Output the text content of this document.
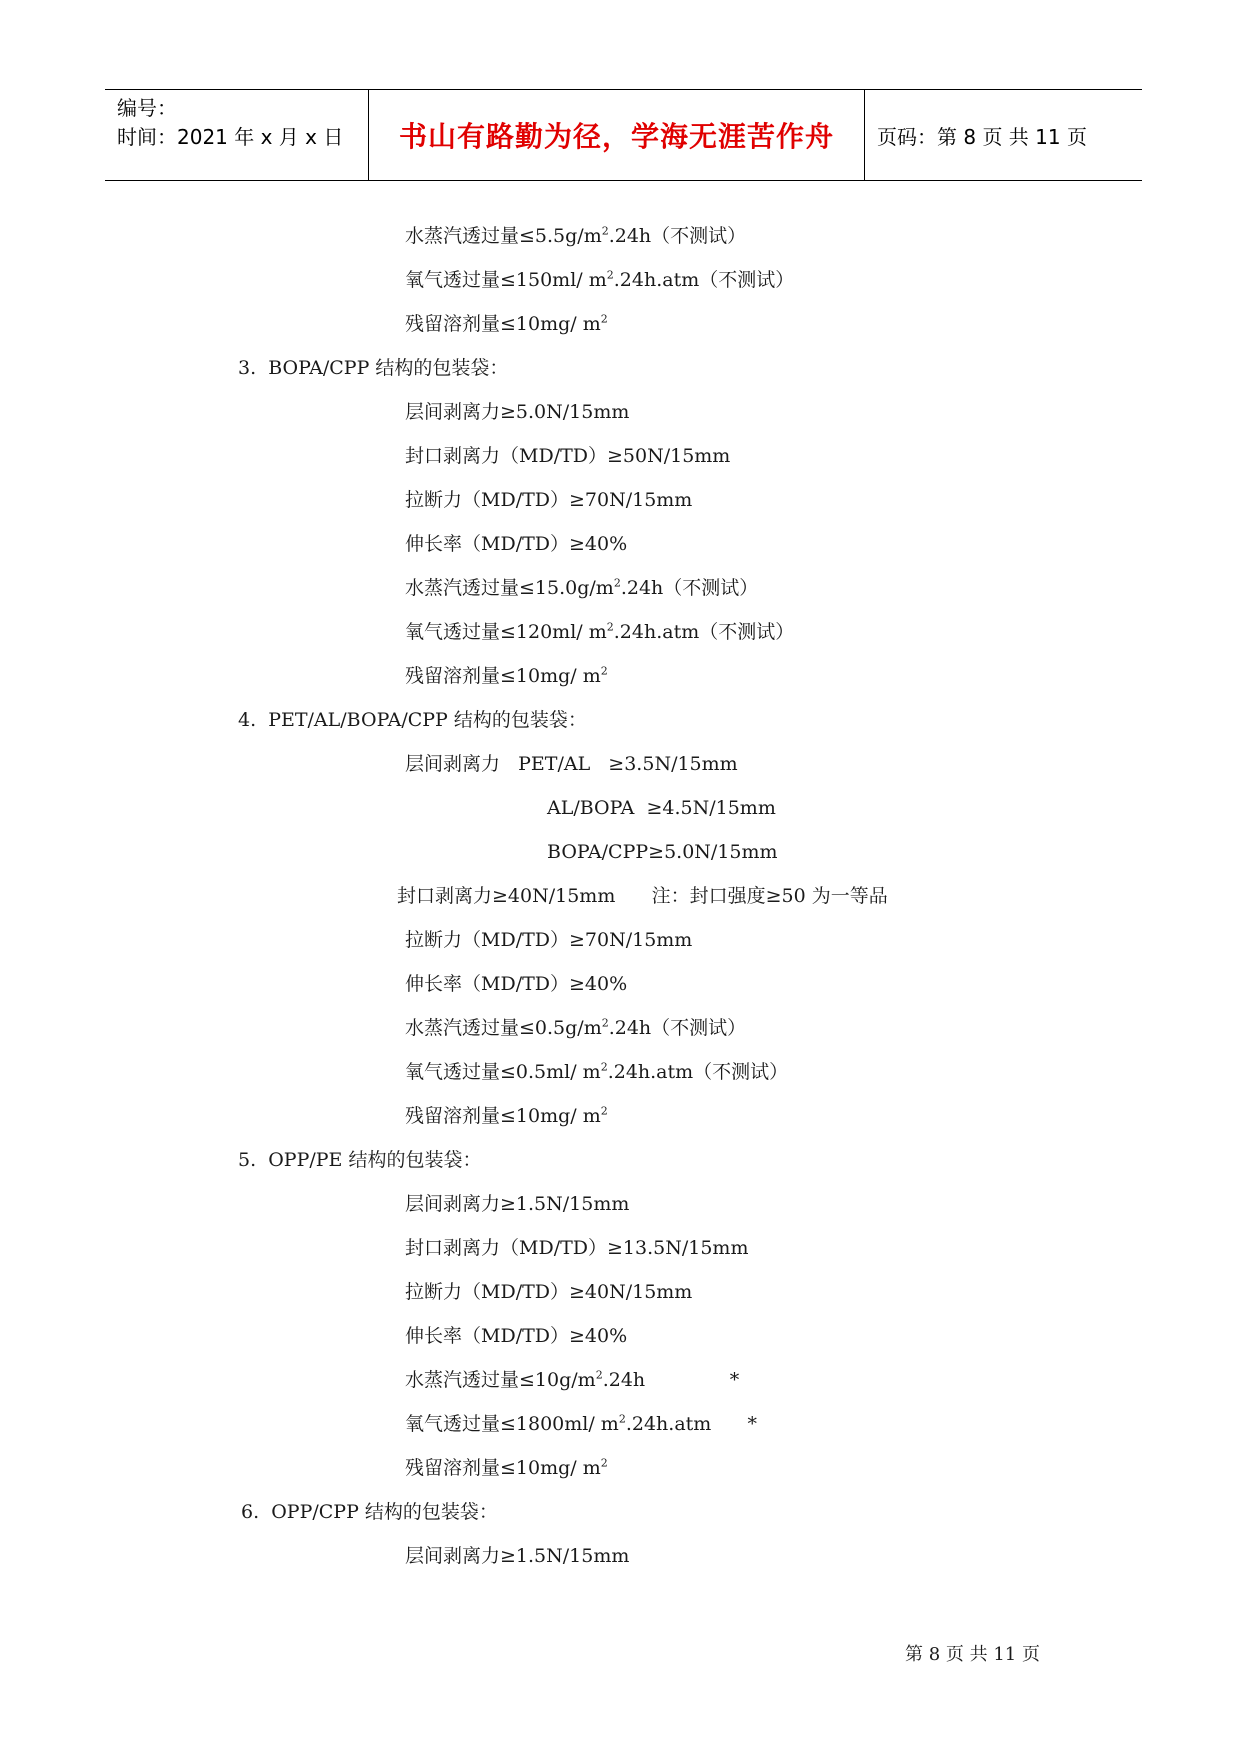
编号：
时间：2021 年 x 月 x 日	书山有路勤为径，学海无涯苦作舟	页码：第 8 页 共 11 页
水蒸汽透过量$\le 5.5g/m^2.24h$（不测试）
氧气透过量≤150ml/ $m^2.24h.atm$（不测试）
残留溶剂量≤10mg/ $m^2$
3.  BOPA/CPP 结构的包装袋：
层间剥离力≥5.0N/15mm
封口剥离力（MD/TD）≥50N/15mm
拉断力（MD/TD）≥70N/15mm
伸长率（MD/TD）≥40%
水蒸汽透过量$\le 15.0g/m^2.24h$（不测试）
氧气透过量≤120ml/ $m^2.24h.atm$（不测试）
残留溶剂量≤10mg/ $m^2$
4.  PET/AL/BOPA/CPP 结构的包装袋：
层间剥离力   PET/AL   ≥3.5N/15mm
AL/BOPA  ≥4.5N/15mm
BOPA/CPP≥5.0N/15mm
封口剥离力≥40N/15mm      注：封口强度≥50 为一等品
拉断力（MD/TD）≥70N/15mm
伸长率（MD/TD）≥40%
水蒸汽透过量$\le 0.5g/m^2.24h$（不测试）
氧气透过量≤0.5ml/ $m^2.24h.atm$（不测试）
残留溶剂量≤10mg/ $m^2$
5.  OPP/PE 结构的包装袋：
层间剥离力≥1.5N/15mm
封口剥离力（MD/TD）≥13.5N/15mm
拉断力（MD/TD）≥40N/15mm
伸长率（MD/TD）≥40%
水蒸汽透过量$\le 10g/m^2.24h$              *
氧气透过量≤1800ml/ $m^2.24h.atm$      *
残留溶剂量≤10mg/ $m^2$
6.  OPP/CPP 结构的包装袋：
层间剥离力≥1.5N/15mm
第 8 页 共 11 页
